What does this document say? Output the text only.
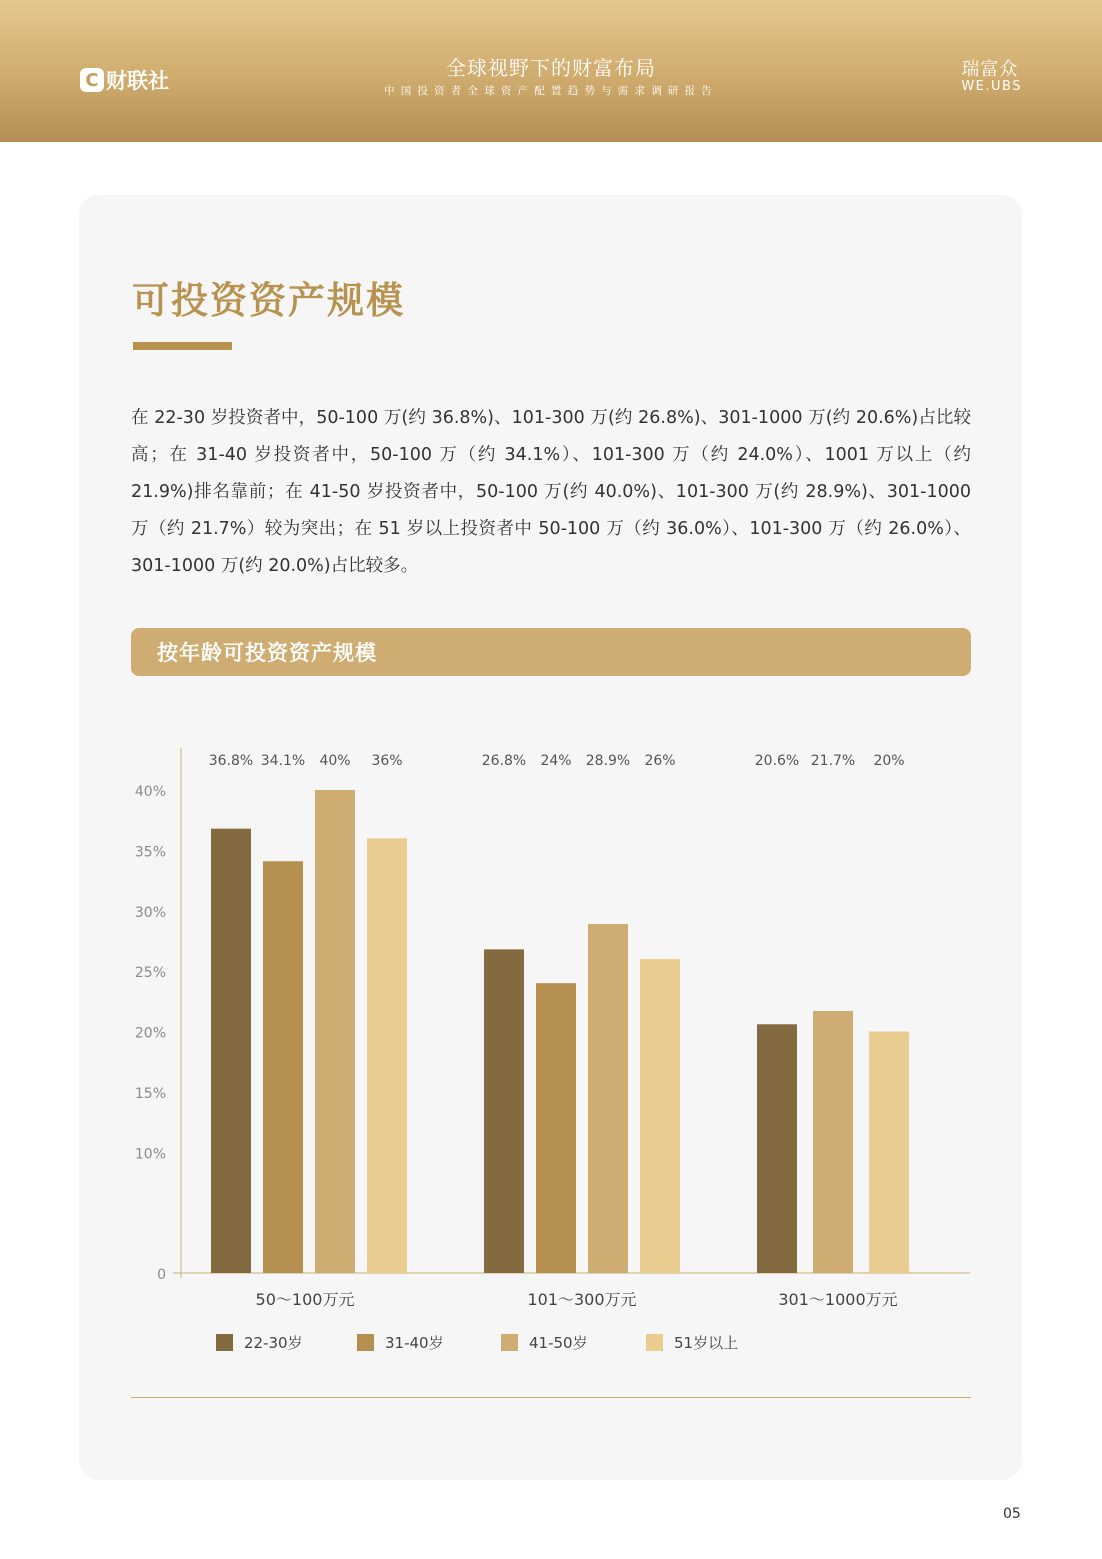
C 财联社
全球视野下的财富布局
中国投资者全球资产配置趋势与需求调研报告
瑞富众
WE.UBS
可投资资产规模
在 22-30 岁投资者中，50-100 万(约 36.8%)、101-300 万(约 26.8%)、301-1000 万(约 20.6%)占比较高；在 31-40 岁投资者中，50-100 万（约 34.1%）、101-300 万（约 24.0%）、1001 万以上（约 21.9%)排名靠前；在 41-50 岁投资者中，50-100 万(约 40.0%)、101-300 万(约 28.9%)、301-1000 万（约 21.7%）较为突出；在 51 岁以上投资者中 50-100 万（约 36.0%）、101-300 万（约 26.0%）、301-1000 万(约 20.0%)占比较多。
按年龄可投资资产规模
0
10%
15%
20%
25%
30%
35%
40%
36.8% 34.1% 40% 36%	26.8% 24% 28.9% 26%	20.6% 21.7% 20%
50～100万元	101～300万元	301～1000万元
22-30岁	31-40岁	41-50岁	51岁以上
05
